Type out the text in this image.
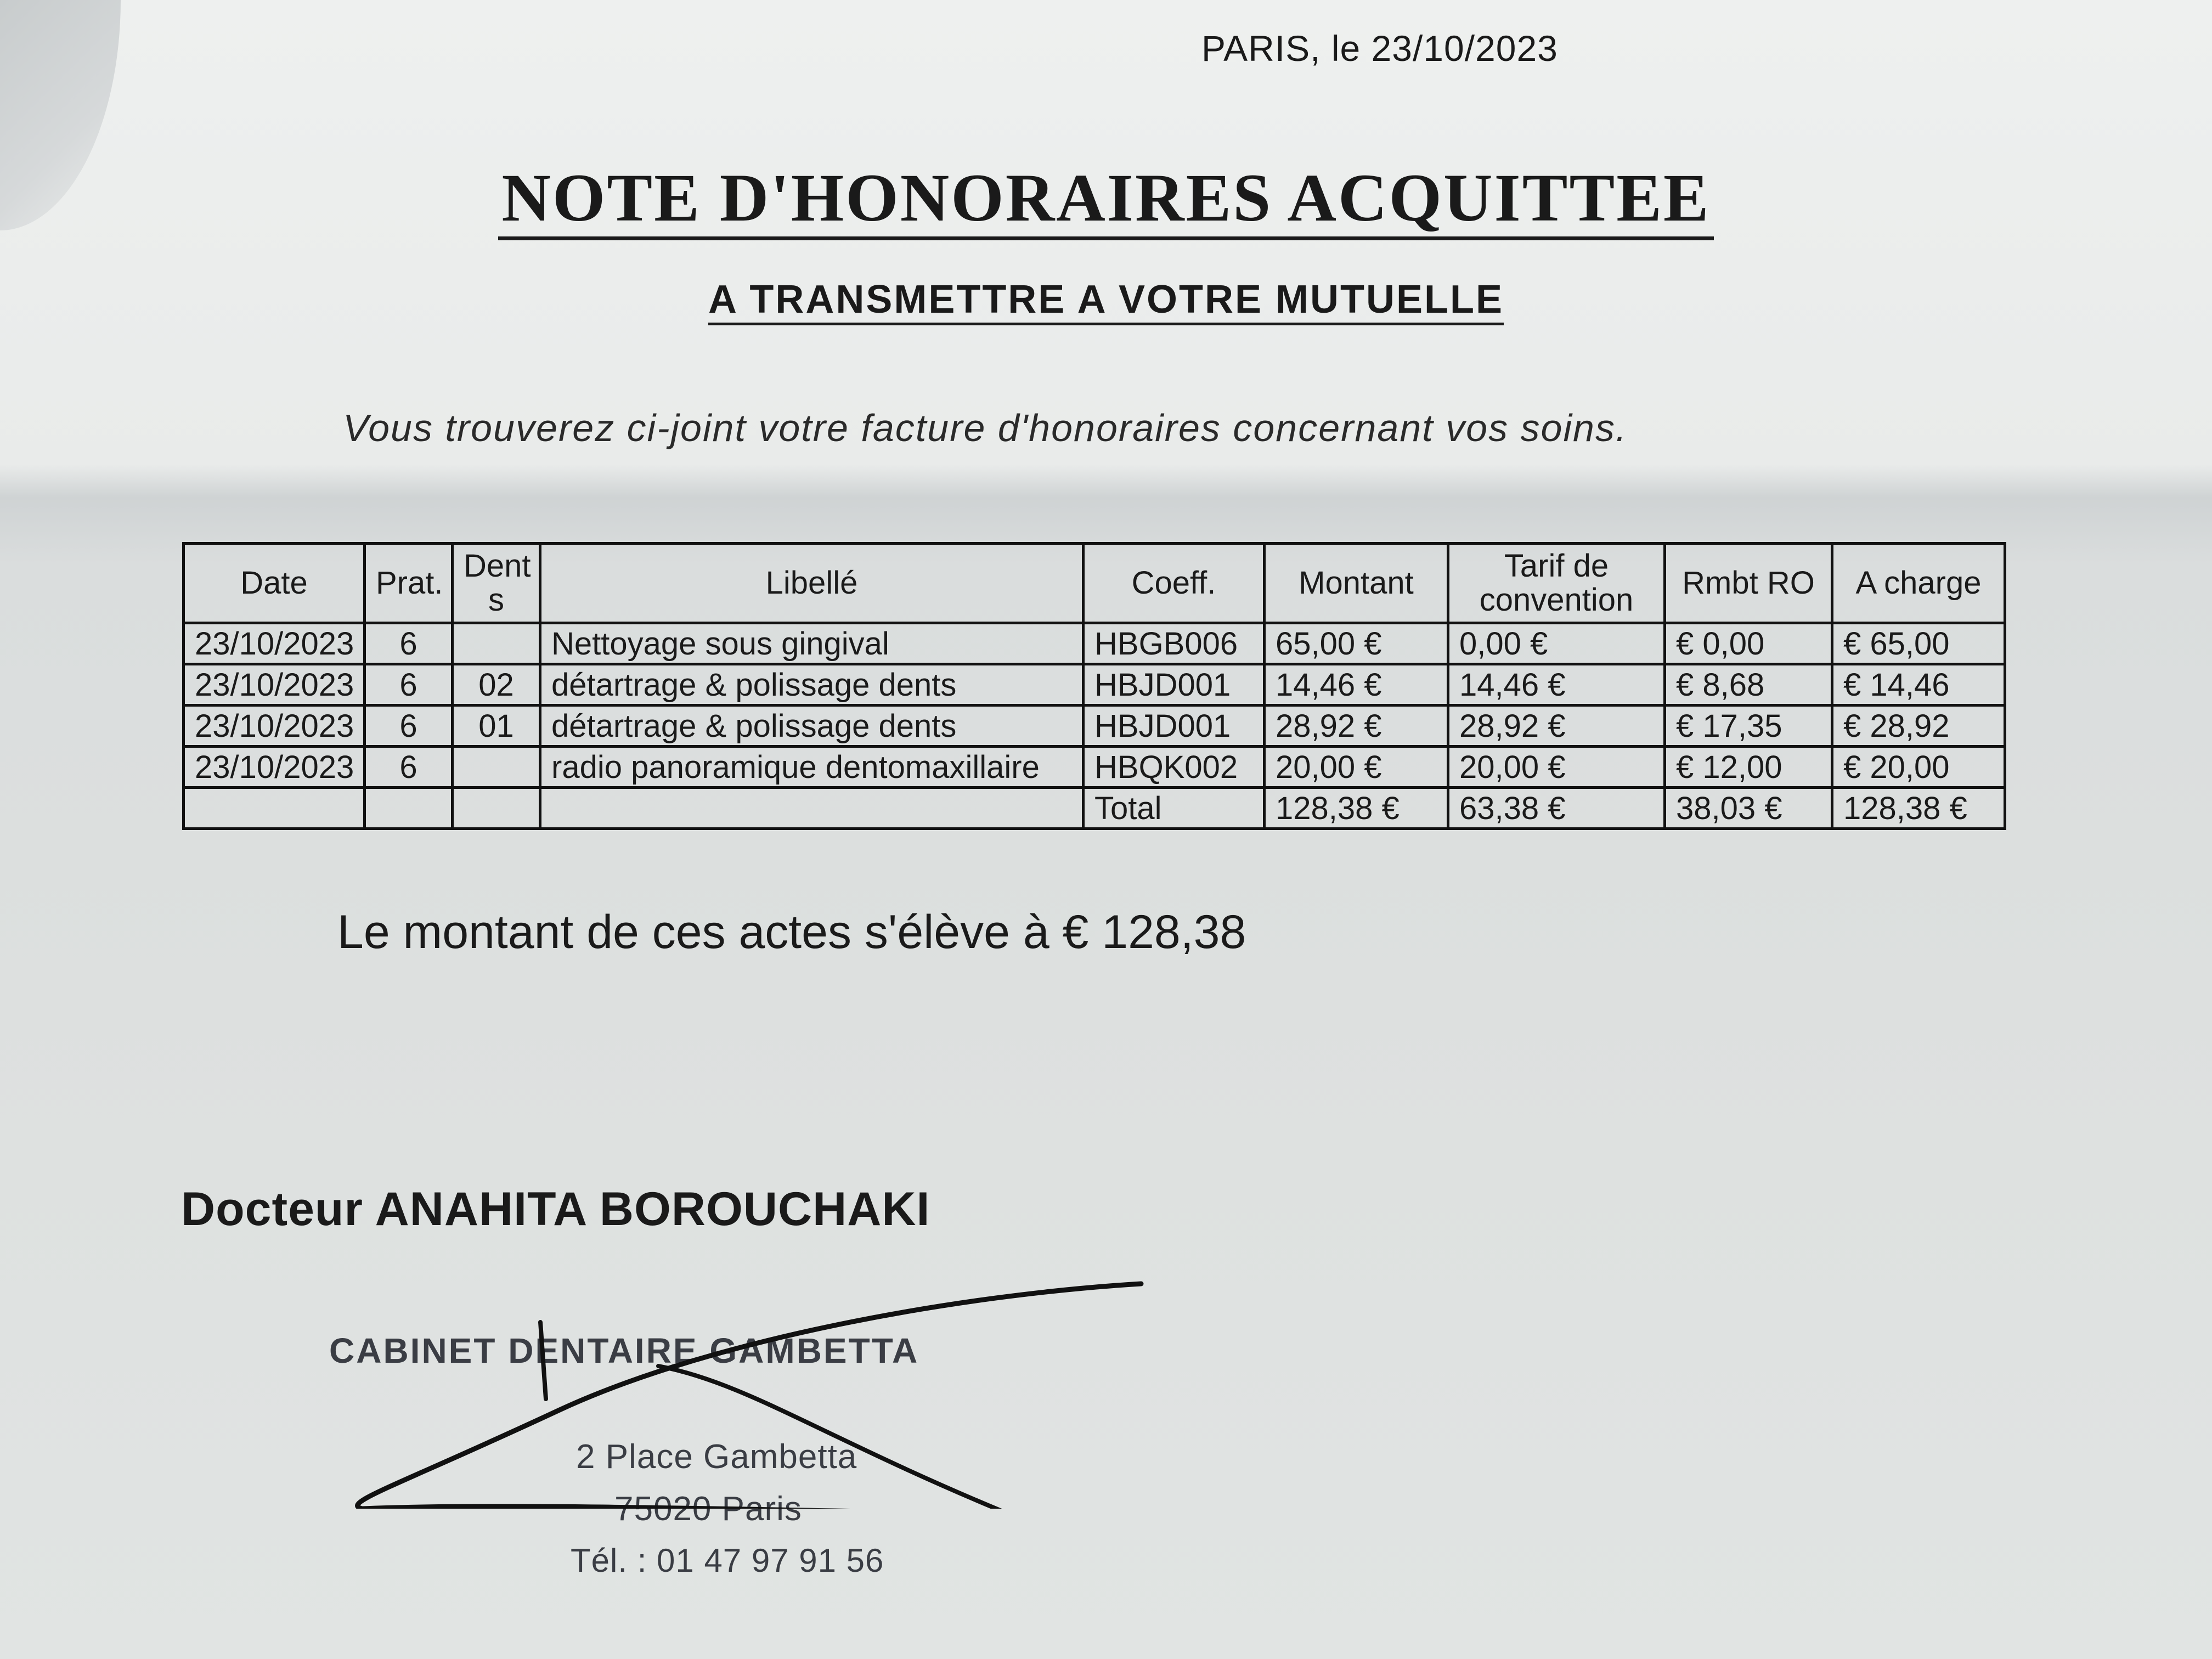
PARIS, le 23/10/2023
NOTE D'HONORAIRES ACQUITTEE
A TRANSMETTRE A VOTRE MUTUELLE
Vous trouverez ci-joint votre facture d'honoraires concernant vos soins.
Date	Prat.	Dent s	Libellé	Coeff.	Montant	Tarif de convention	Rmbt RO	A charge
23/10/2023	6		Nettoyage sous gingival	HBGB006	65,00 €	0,00 €	€ 0,00	€ 65,00
23/10/2023	6	02	détartrage & polissage dents	HBJD001	14,46 €	14,46 €	€ 8,68	€ 14,46
23/10/2023	6	01	détartrage & polissage dents	HBJD001	28,92 €	28,92 €	€ 17,35	€ 28,92
23/10/2023	6		radio panoramique dentomaxillaire	HBQK002	20,00 €	20,00 €	€ 12,00	€ 20,00
				Total	128,38 €	63,38 €	38,03 €	128,38 €
Le montant de ces actes s'élève à € 128,38
Docteur ANAHITA BOROUCHAKI
CABINET DENTAIRE GAMBETTA
2 Place Gambetta
75020 Paris
Tél. : 01 47 97 91 56
